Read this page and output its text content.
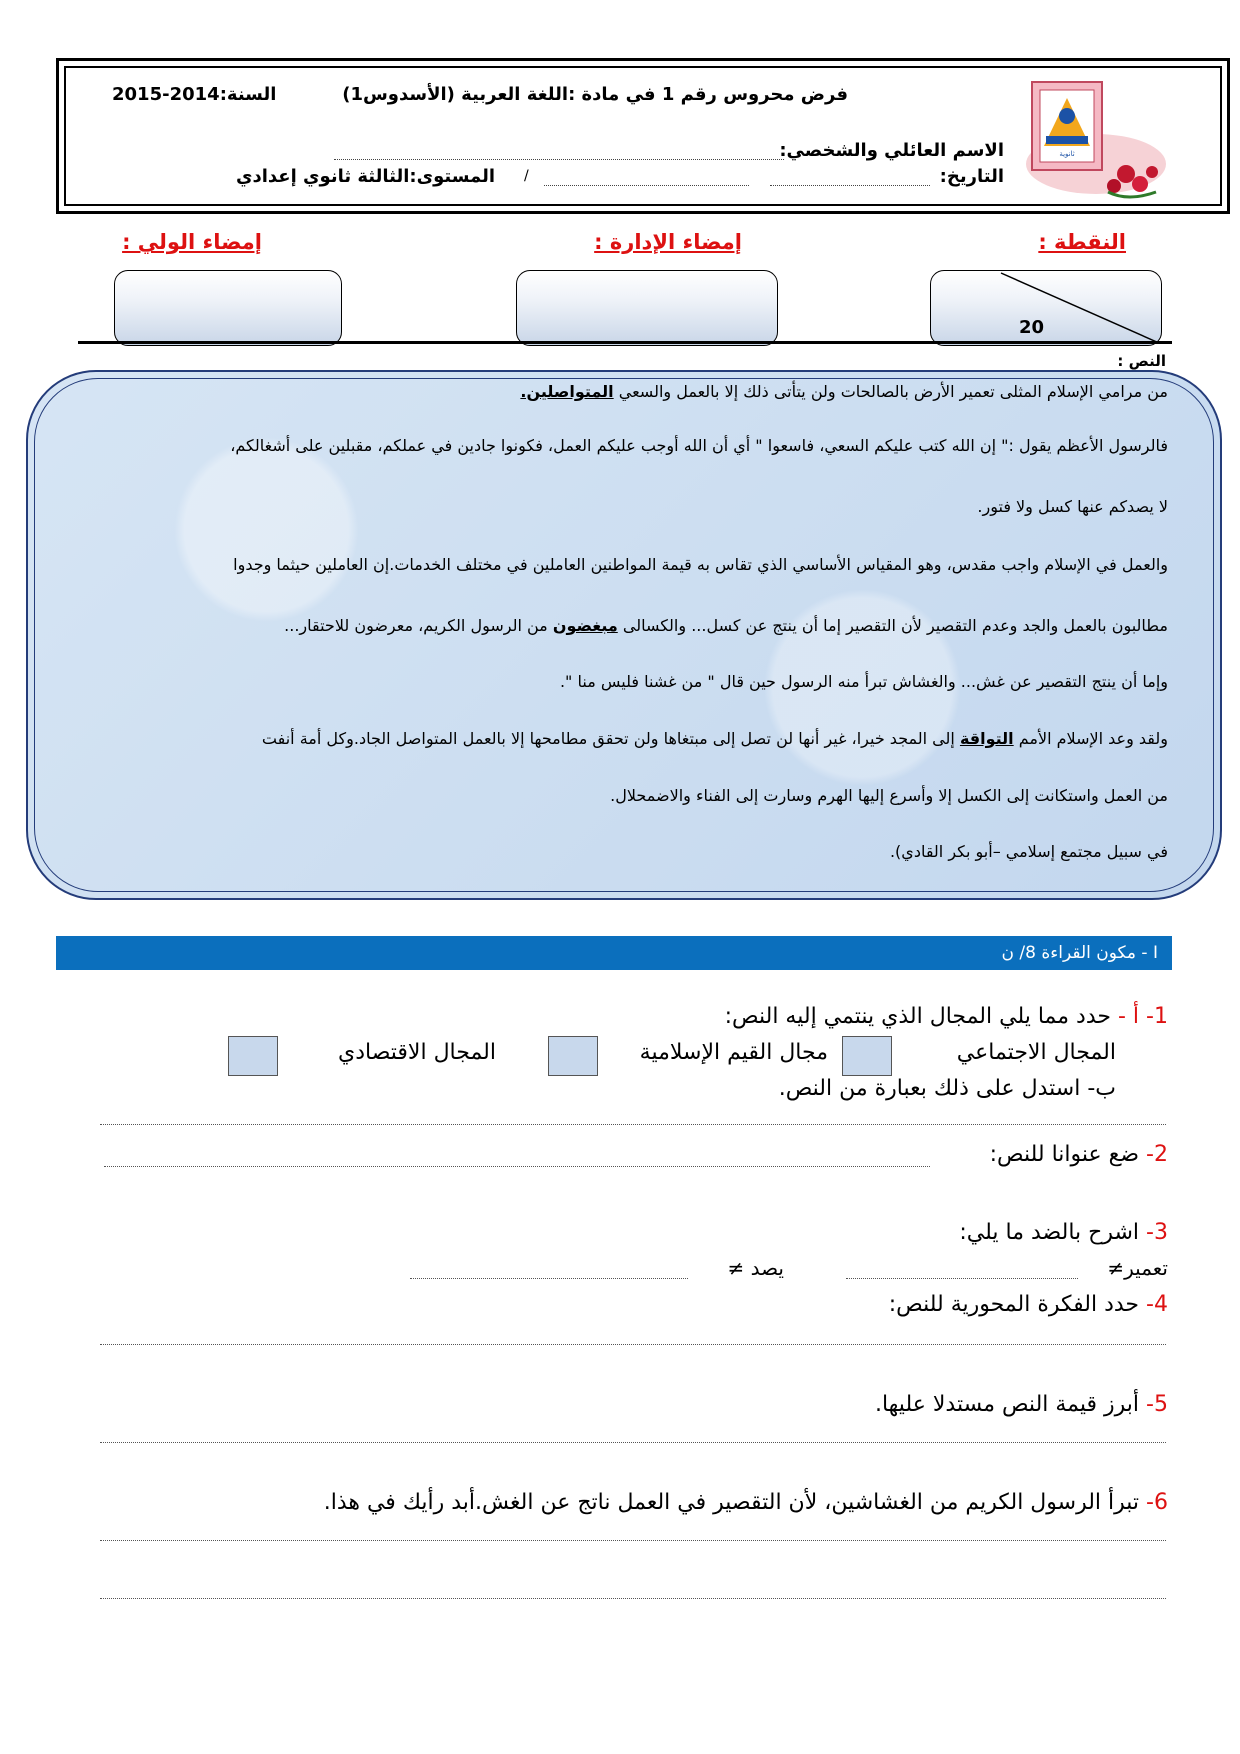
فرض محروس رقم 1 في مادة :اللغة العربية (الأسدوس1)
السنة:2014-2015
الاسم العائلي والشخصي:
التاريخ:
/
المستوى:الثالثة ثانوي إعدادي
ثانوية
النقطة :
إمضاء الإدارة :
إمضاء الولي :
20
النص :
من مرامي الإسلام المثلى تعمير الأرض بالصالحات ولن يتأتى ذلك إلا بالعمل والسعي المتواصلين.
فالرسول الأعظم يقول :" إن الله كتب عليكم السعي، فاسعوا " أي أن الله أوجب عليكم العمل، فكونوا جادين في عملكم، مقبلين على أشغالكم،
لا يصدكم عنها كسل ولا فتور.
والعمل في الإسلام واجب مقدس، وهو المقياس الأساسي الذي تقاس به قيمة المواطنين العاملين في مختلف الخدمات.إن العاملين حيثما وجدوا
مطالبون بالعمل والجد وعدم التقصير لأن التقصير إما أن ينتج عن كسل... والكسالى مبغضون من الرسول الكريم، معرضون للاحتقار...
وإما أن ينتج التقصير عن غش... والغشاش تبرأ منه الرسول حين قال " من غشنا فليس منا ".
ولقد وعد الإسلام الأمم التواقة إلى المجد خيرا، غير أنها لن تصل إلى مبتغاها ولن تحقق مطامحها إلا بالعمل المتواصل الجاد.وكل أمة أنفت
من العمل واستكانت إلى الكسل إلا وأسرع إليها الهرم وسارت إلى الفناء والاضمحلال.
في سبيل مجتمع إسلامي –أبو بكر القادي).
I - مكون القراءة 8/ ن
1- أ - حدد مما يلي المجال الذي ينتمي إليه النص:
المجال الاجتماعي
مجال القيم الإسلامية
المجال الاقتصادي
ب- استدل على ذلك بعبارة من النص.
2- ضع عنوانا للنص:
3- اشرح بالضد ما يلي:
تعمير≠
يصد ≠
4- حدد الفكرة المحورية للنص:
5- أبرز قيمة النص مستدلا عليها.
6- تبرأ الرسول الكريم من الغشاشين، لأن التقصير في العمل ناتج عن الغش.أبد رأيك في هذا.
